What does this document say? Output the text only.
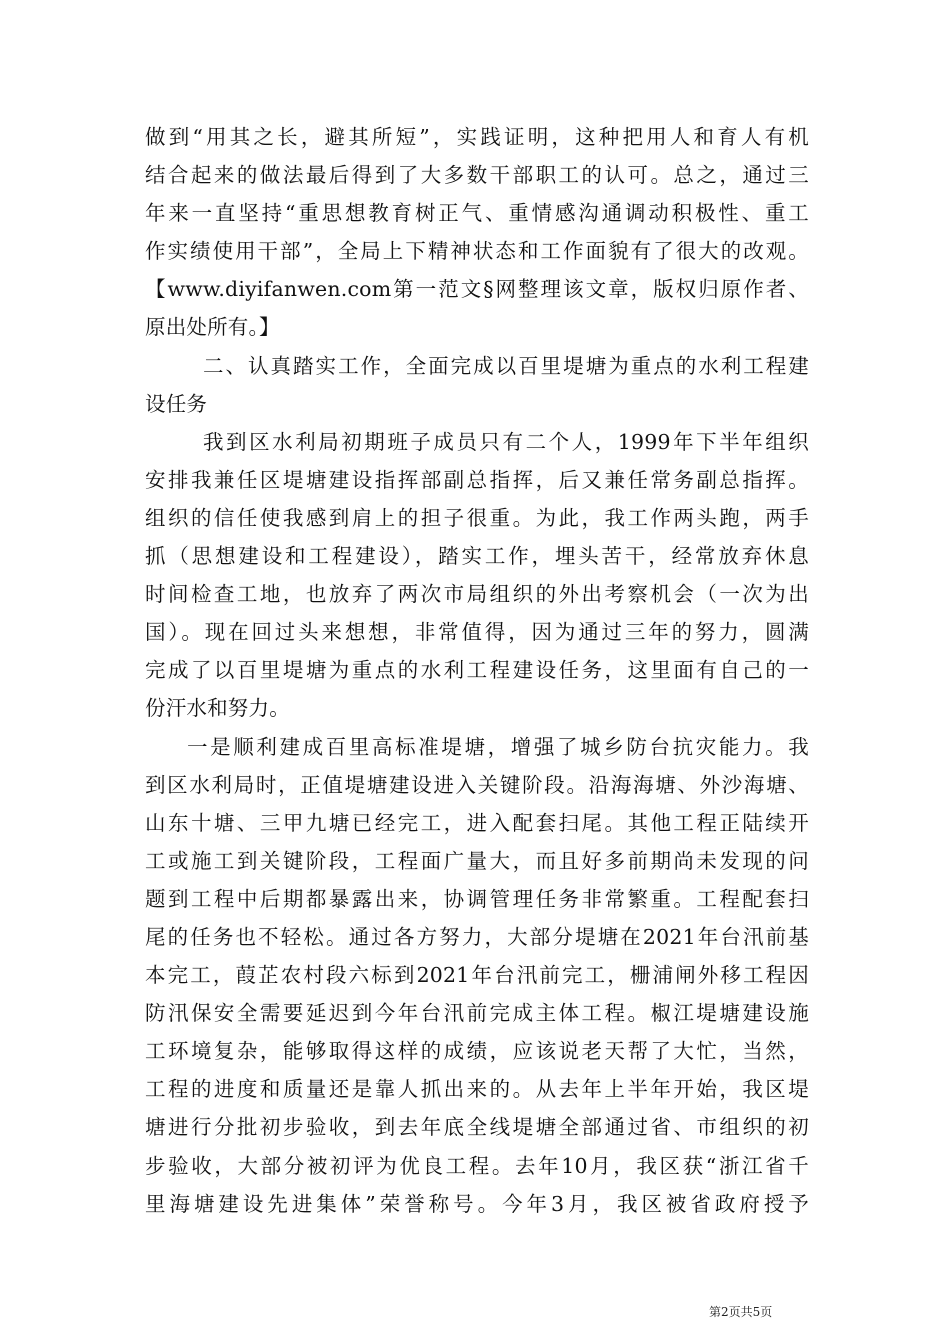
做到“用其之长，避其所短”，实践证明，这种把用人和育人有机
结合起来的做法最后得到了大多数干部职工的认可。总之，通过三
年来一直坚持“重思想教育树正气、重情感沟通调动积极性、重工
作实绩使用干部”，全局上下精神状态和工作面貌有了很大的改观。
【www.diyifanwen.com第一范文§网整理该文章，版权归原作者、
原出处所有。】
二、认真踏实工作，全面完成以百里堤塘为重点的水利工程建
设任务
我到区水利局初期班子成员只有二个人，1999年下半年组织
安排我兼任区堤塘建设指挥部副总指挥，后又兼任常务副总指挥。
组织的信任使我感到肩上的担子很重。为此，我工作两头跑，两手
抓（思想建设和工程建设），踏实工作，埋头苦干，经常放弃休息
时间检查工地，也放弃了两次市局组织的外出考察机会（一次为出
国）。现在回过头来想想，非常值得，因为通过三年的努力，圆满
完成了以百里堤塘为重点的水利工程建设任务，这里面有自己的一
份汗水和努力。
一是顺利建成百里高标准堤塘，增强了城乡防台抗灾能力。我
到区水利局时，正值堤塘建设进入关键阶段。沿海海塘、外沙海塘、
山东十塘、三甲九塘已经完工，进入配套扫尾。其他工程正陆续开
工或施工到关键阶段，工程面广量大，而且好多前期尚未发现的问
题到工程中后期都暴露出来，协调管理任务非常繁重。工程配套扫
尾的任务也不轻松。通过各方努力，大部分堤塘在2021年台汛前基
本完工，葭芷农村段六标到2021年台汛前完工，栅浦闸外移工程因
防汛保安全需要延迟到今年台汛前完成主体工程。椒江堤塘建设施
工环境复杂，能够取得这样的成绩，应该说老天帮了大忙，当然，
工程的进度和质量还是靠人抓出来的。从去年上半年开始，我区堤
塘进行分批初步验收，到去年底全线堤塘全部通过省、市组织的初
步验收，大部分被初评为优良工程。去年10月，我区获“浙江省千
里海塘建设先进集体”荣誉称号。今年3月，我区被省政府授予
第2页共5页
